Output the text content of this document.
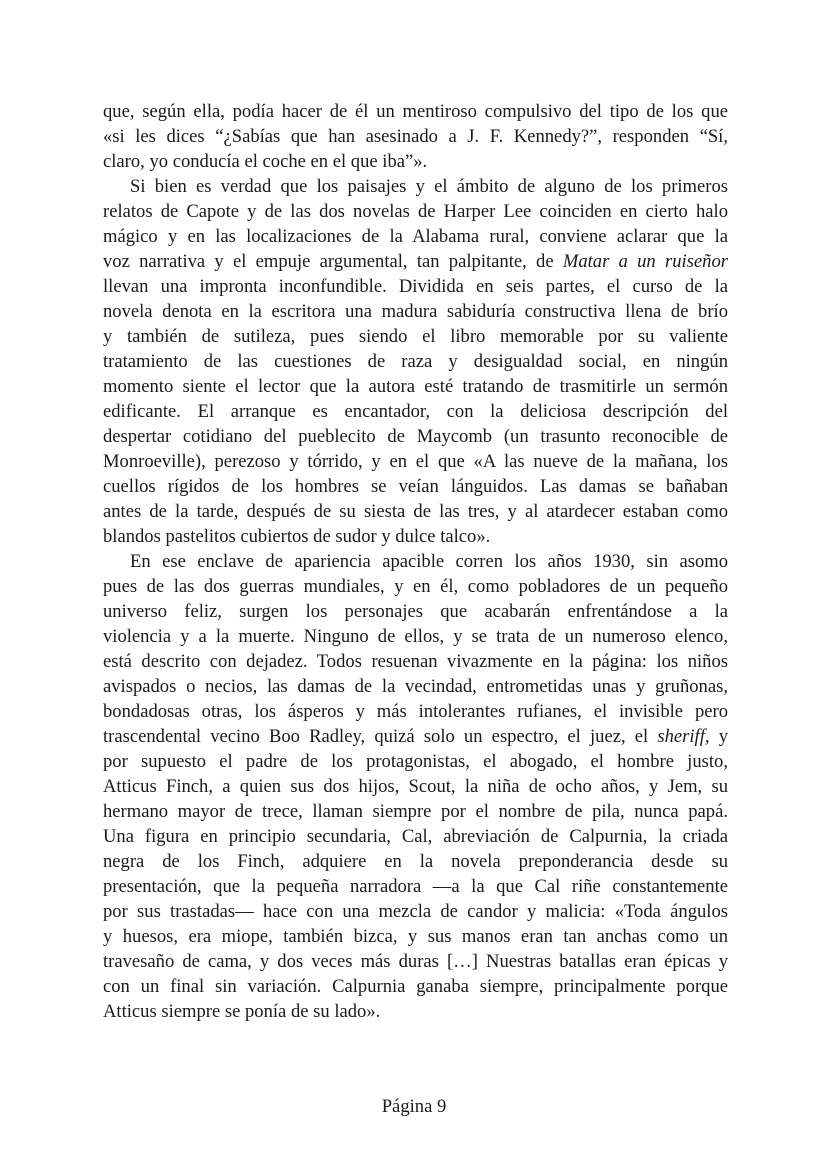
que, según ella, podía hacer de él un mentiroso compulsivo del tipo de los que
«si les dices “¿Sabías que han asesinado a J. F. Kennedy?”, responden “Sí,
claro, yo conducía el coche en el que iba”».
Si bien es verdad que los paisajes y el ámbito de alguno de los primeros
relatos de Capote y de las dos novelas de Harper Lee coinciden en cierto halo
mágico y en las localizaciones de la Alabama rural, conviene aclarar que la
voz narrativa y el empuje argumental, tan palpitante, de Matar a un ruiseñor
llevan una impronta inconfundible. Dividida en seis partes, el curso de la
novela denota en la escritora una madura sabiduría constructiva llena de brío
y también de sutileza, pues siendo el libro memorable por su valiente
tratamiento de las cuestiones de raza y desigualdad social, en ningún
momento siente el lector que la autora esté tratando de trasmitirle un sermón
edificante. El arranque es encantador, con la deliciosa descripción del
despertar cotidiano del pueblecito de Maycomb (un trasunto reconocible de
Monroeville), perezoso y tórrido, y en el que «A las nueve de la mañana, los
cuellos rígidos de los hombres se veían lánguidos. Las damas se bañaban
antes de la tarde, después de su siesta de las tres, y al atardecer estaban como
blandos pastelitos cubiertos de sudor y dulce talco».
En ese enclave de apariencia apacible corren los años 1930, sin asomo
pues de las dos guerras mundiales, y en él, como pobladores de un pequeño
universo feliz, surgen los personajes que acabarán enfrentándose a la
violencia y a la muerte. Ninguno de ellos, y se trata de un numeroso elenco,
está descrito con dejadez. Todos resuenan vivazmente en la página: los niños
avispados o necios, las damas de la vecindad, entrometidas unas y gruñonas,
bondadosas otras, los ásperos y más intolerantes rufianes, el invisible pero
trascendental vecino Boo Radley, quizá solo un espectro, el juez, el sheriff, y
por supuesto el padre de los protagonistas, el abogado, el hombre justo,
Atticus Finch, a quien sus dos hijos, Scout, la niña de ocho años, y Jem, su
hermano mayor de trece, llaman siempre por el nombre de pila, nunca papá.
Una figura en principio secundaria, Cal, abreviación de Calpurnia, la criada
negra de los Finch, adquiere en la novela preponderancia desde su
presentación, que la pequeña narradora —a la que Cal riñe constantemente
por sus trastadas— hace con una mezcla de candor y malicia: «Toda ángulos
y huesos, era miope, también bizca, y sus manos eran tan anchas como un
travesaño de cama, y dos veces más duras […] Nuestras batallas eran épicas y
con un final sin variación. Calpurnia ganaba siempre, principalmente porque
Atticus siempre se ponía de su lado».
Página 9
